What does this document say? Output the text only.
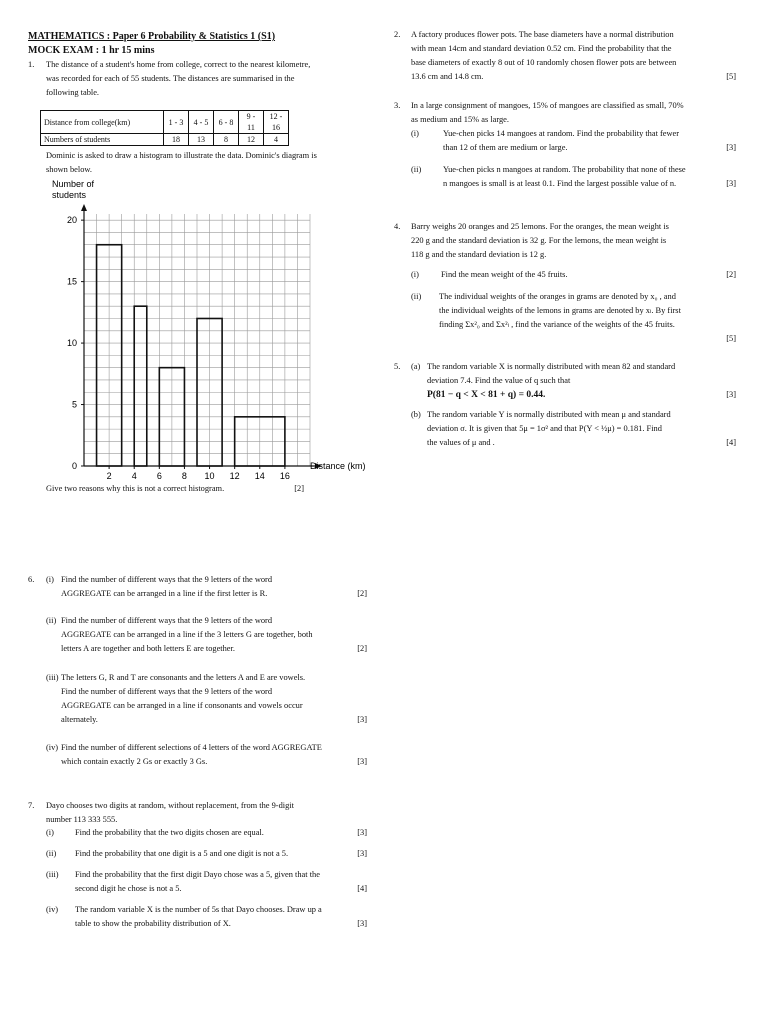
MATHEMATICS : Paper 6 Probability & Statistics 1 (S1)
MOCK EXAM : 1 hr 15 mins
1. The distance of a student's home from college, correct to the nearest kilometre,
was recorded for each of 55 students. The distances are summarised in the
following table.
Distance from college(km)	1 - 3	4 - 5	6 - 8	9 - 11	12 - 16
Numbers of students	18	13	8	12	4
Dominic is asked to draw a histogram to illustrate the data. Dominic's diagram is
shown below.
2 4 6 8 10 12 14 16
0
5
10
15
20
Number of
students
Distance (km)
Give two reasons why this is not a correct histogram.	[2]
2. A factory produces flower pots. The base diameters have a normal distribution
with mean 14cm and standard deviation 0.52 cm. Find the probability that the
base diameters of exactly 8 out of 10 randomly chosen flower pots are between
13.6 cm and 14.8 cm.	[5]
3. In a large consignment of mangoes, 15% of mangoes are classified as small, 70%
as medium and 15% as large.
(i)	Yue-chen picks 14 mangoes at random. Find the probability that fewer
than 12 of them are medium or large.	[3]
(ii)	Yue-chen picks n mangoes at random. The probability that none of these
n mangoes is small is at least 0.1. Find the largest possible value of n.	[3]
4. Barry weighs 20 oranges and 25 lemons. For the oranges, the mean weight is
220 g and the standard deviation is 32 g. For the lemons, the mean weight is
118 g and the standard deviation is 12 g.
(i)	Find the mean weight of the 45 fruits.	[2]
(ii) The individual weights of the oranges in grams are denoted by x₀ , and
the individual weights of the lemons in grams are denoted by xₗ. By first
finding Σx²₀ and Σx²ₗ , find the variance of the weights of the 45 fruits.
[5]
5. (a) The random variable X is normally distributed with mean 82 and standard
deviation 7.4. Find the value of q such that
P(81 − q < X < 81 + q) = 0.44.	[3]
(b) The random variable Y is normally distributed with mean μ and standard
deviation σ. It is given that 5μ = 1σ² and that P(Y < ½μ) = 0.181. Find
the values of μ and .	[4]
6. (i) Find the number of different ways that the 9 letters of the word
AGGREGATE can be arranged in a line if the first letter is R.	[2]
(ii) Find the number of different ways that the 9 letters of the word
AGGREGATE can be arranged in a line if the 3 letters G are together, both
letters A are together and both letters E are together.	[2]
(iii) The letters G, R and T are consonants and the letters A and E are vowels.
Find the number of different ways that the 9 letters of the word
AGGREGATE can be arranged in a line if consonants and vowels occur
alternately.	[3]
(iv) Find the number of different selections of 4 letters of the word AGGREGATE
which contain exactly 2 Gs or exactly 3 Gs.	[3]
7. Dayo chooses two digits at random, without replacement, from the 9-digit
number 113 333 555.
(i)	Find the probability that the two digits chosen are equal.	[3]
(ii) Find the probability that one digit is a 5 and one digit is not a 5.	[3]
(iii) Find the probability that the first digit Dayo chose was a 5, given that the
second digit he chose is not a 5.	[4]
(iv) The random variable X is the number of 5s that Dayo chooses. Draw up a
table to show the probability distribution of X.	[3]
